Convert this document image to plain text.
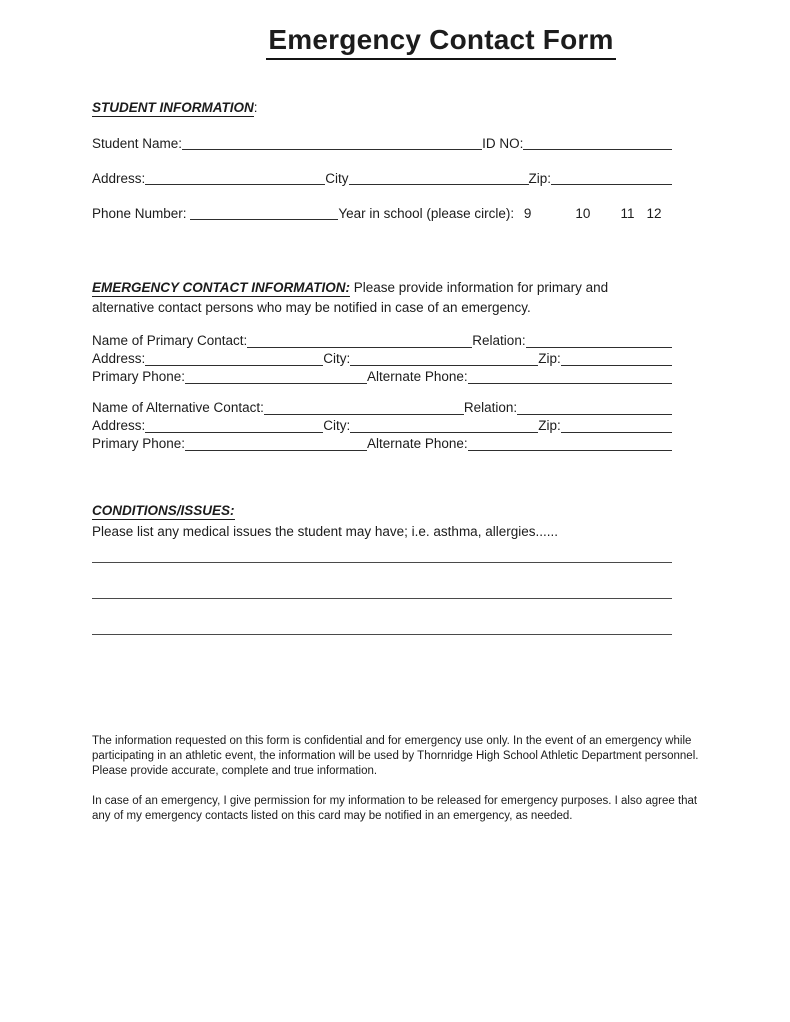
Emergency Contact Form
STUDENT INFORMATION:
Student Name:	ID NO:
Address:	City	Zip:
Phone Number:	Year in school (please circle): 9	10 11 12

EMERGENCY CONTACT INFORMATION: Please provide information for primary and alternative contact persons who may be notified in case of an emergency.

Name of Primary Contact:	Relation:
Address:	City:	Zip:
Primary Phone:	Alternate Phone:
Name of Alternative Contact:	Relation:
Address:	City:	Zip:
Primary Phone:	Alternate Phone:
CONDITIONS/ISSUES:
Please list any medical issues the student may have; i.e. asthma, allergies......

The information requested on this form is confidential and for emergency use only. In the event of an emergency while participating in an athletic event, the information will be used by Thornridge High School Athletic Department personnel. Please provide accurate, complete and true information.

In case of an emergency, I give permission for my information to be released for emergency purposes. I also agree that any of my emergency contacts listed on this card may be notified in an emergency, as needed.
